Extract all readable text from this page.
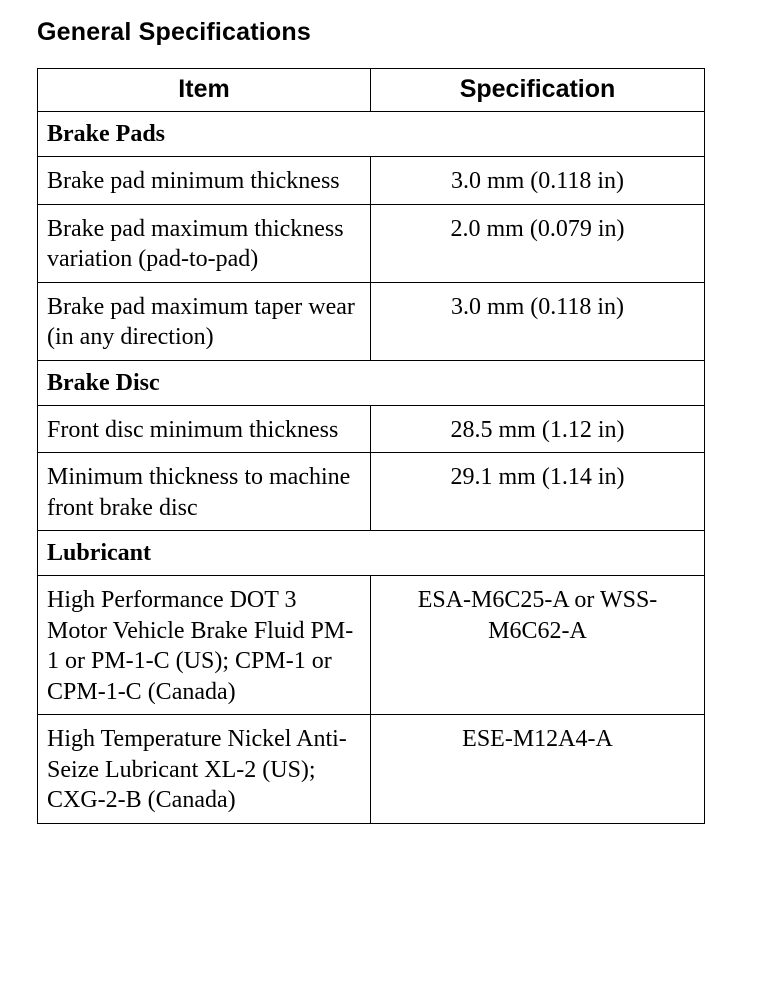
General Specifications
Item	Specification
Brake Pads	
Brake pad minimum thickness	3.0 mm (0.118 in)
Brake pad maximum thickness variation (pad-to-pad)	2.0 mm (0.079 in)
Brake pad maximum taper wear (in any direction)	3.0 mm (0.118 in)
Brake Disc	
Front disc minimum thickness	28.5 mm (1.12 in)
Minimum thickness to machine front brake disc	29.1 mm (1.14 in)
Lubricant	
High Performance DOT 3 Motor Vehicle Brake Fluid PM-1 or PM-1-C (US); CPM-1 or CPM-1-C (Canada)	ESA-M6C25-A or WSS-M6C62-A
High Temperature Nickel Anti-Seize Lubricant XL-2 (US); CXG-2-B (Canada)	ESE-M12A4-A
